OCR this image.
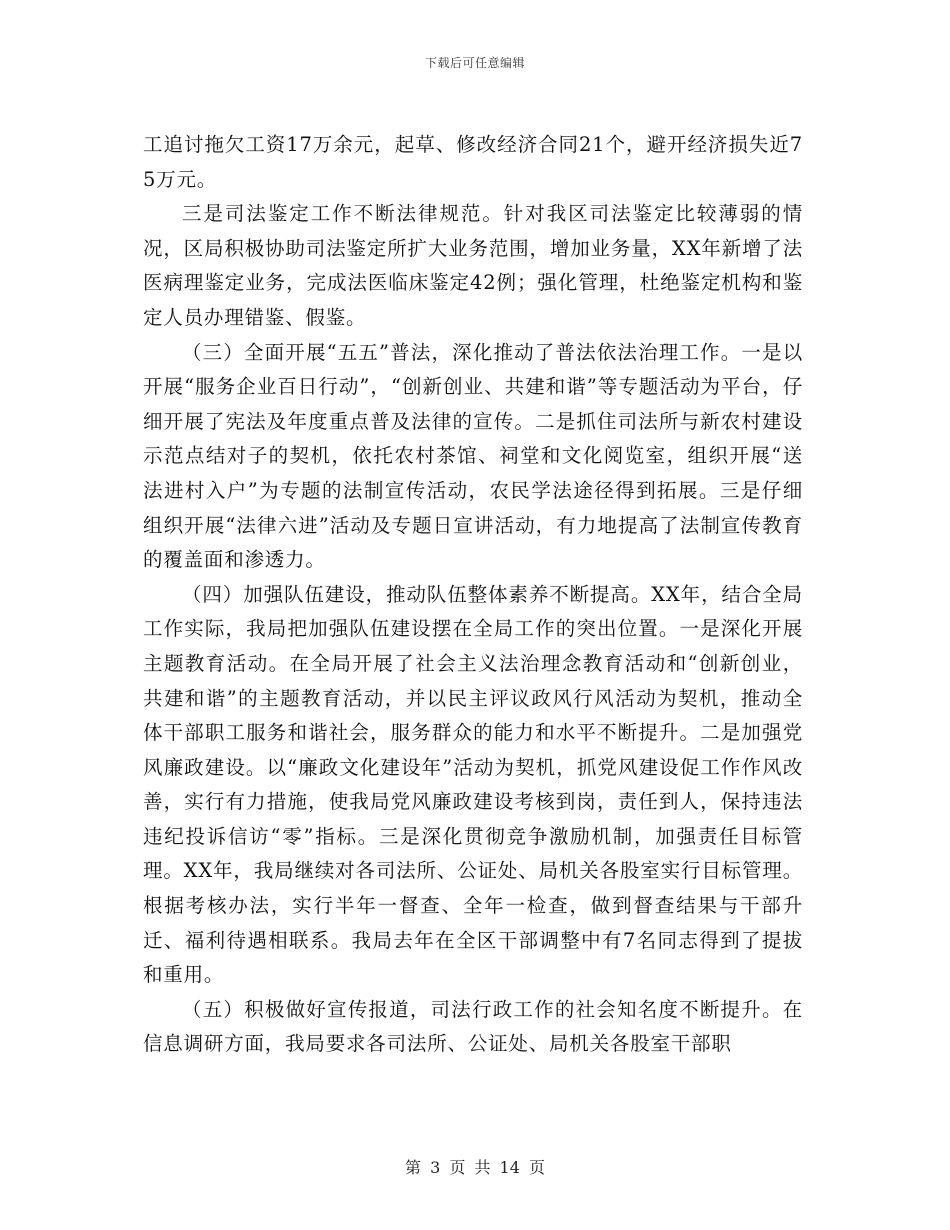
下载后可任意编辑

工追讨拖欠工资17万余元，起草、修改经济合同21个，避开经济损失近75万元。

三是司法鉴定工作不断法律规范。针对我区司法鉴定比较薄弱的情况，区局积极协助司法鉴定所扩大业务范围，增加业务量，XX年新增了法医病理鉴定业务，完成法医临床鉴定42例；强化管理，杜绝鉴定机构和鉴定人员办理错鉴、假鉴。

（三）全面开展“五五”普法，深化推动了普法依法治理工作。一是以开展“服务企业百日行动”，“创新创业、共建和谐”等专题活动为平台，仔细开展了宪法及年度重点普及法律的宣传。二是抓住司法所与新农村建设示范点结对子的契机，依托农村茶馆、祠堂和文化阅览室，组织开展“送法进村入户”为专题的法制宣传活动，农民学法途径得到拓展。三是仔细组织开展“法律六进”活动及专题日宣讲活动，有力地提高了法制宣传教育的覆盖面和渗透力。

（四）加强队伍建设，推动队伍整体素养不断提高。XX年，结合全局工作实际，我局把加强队伍建设摆在全局工作的突出位置。一是深化开展主题教育活动。在全局开展了社会主义法治理念教育活动和“创新创业，共建和谐”的主题教育活动，并以民主评议政风行风活动为契机，推动全体干部职工服务和谐社会，服务群众的能力和水平不断提升。二是加强党风廉政建设。以“廉政文化建设年”活动为契机，抓党风建设促工作作风改善，实行有力措施，使我局党风廉政建设考核到岗，责任到人，保持违法违纪投诉信访“零”指标。三是深化贯彻竞争激励机制，加强责任目标管理。XX年，我局继续对各司法所、公证处、局机关各股室实行目标管理。根据考核办法，实行半年一督查、全年一检查，做到督查结果与干部升迁、福利待遇相联系。我局去年在全区干部调整中有7名同志得到了提拔和重用。

（五）积极做好宣传报道，司法行政工作的社会知名度不断提升。在信息调研方面，我局要求各司法所、公证处、局机关各股室干部职

第 3 页 共 14 页
